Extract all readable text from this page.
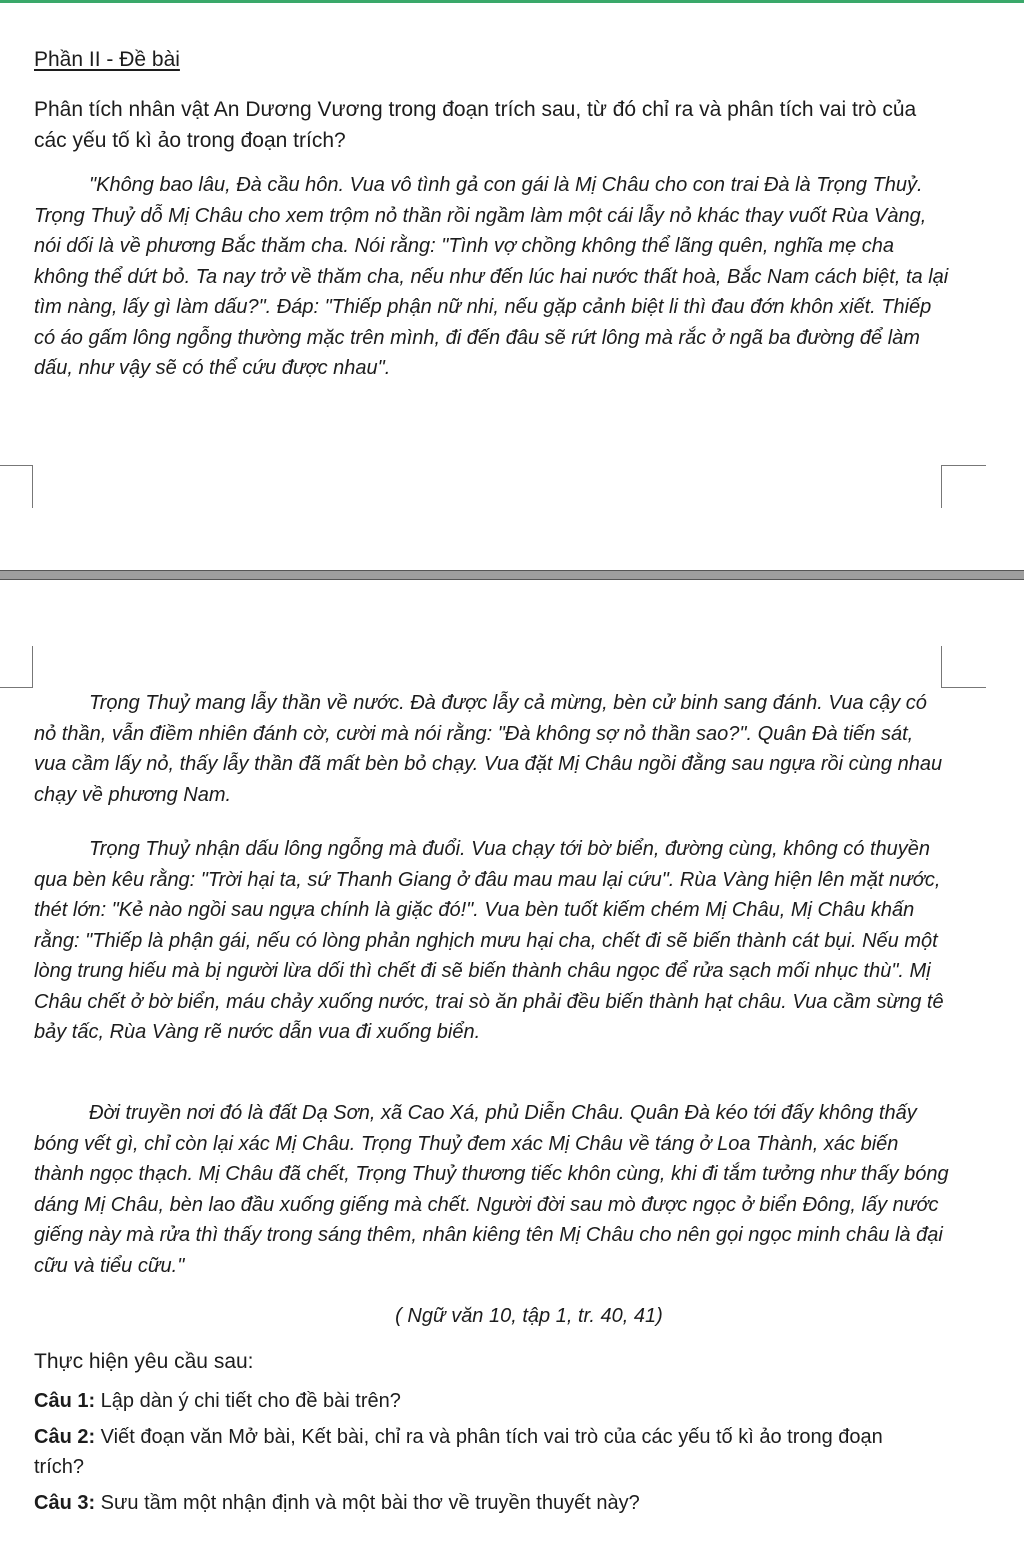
Phần II - Đề bài

Phân tích nhân vật An Dương Vương trong đoạn trích sau, từ đó chỉ ra và phân tích vai trò của các yếu tố kì ảo trong đoạn trích?

"Không bao lâu, Đà cầu hôn. Vua vô tình gả con gái là Mị Châu cho con trai Đà là Trọng Thuỷ. Trọng Thuỷ dỗ Mị Châu cho xem trộm nỏ thần rồi ngầm làm một cái lẫy nỏ khác thay vuốt Rùa Vàng, nói dối là về phương Bắc thăm cha. Nói rằng: "Tình vợ chồng không thể lãng quên, nghĩa mẹ cha không thể dứt bỏ. Ta nay trở về thăm cha, nếu như đến lúc hai nước thất hoà, Bắc Nam cách biệt, ta lại tìm nàng, lấy gì làm dấu?". Đáp: "Thiếp phận nữ nhi, nếu gặp cảnh biệt li thì đau đớn khôn xiết. Thiếp có áo gấm lông ngỗng thường mặc trên mình, đi đến đâu sẽ rứt lông mà rắc ở ngã ba đường để làm dấu, như vậy sẽ có thể cứu được nhau".

Trọng Thuỷ mang lẫy thần về nước. Đà được lẫy cả mừng, bèn cử binh sang đánh. Vua cậy có nỏ thần, vẫn điềm nhiên đánh cờ, cười mà nói rằng: "Đà không sợ nỏ thần sao?". Quân Đà tiến sát, vua cầm lấy nỏ, thấy lẫy thần đã mất bèn bỏ chạy. Vua đặt Mị Châu ngồi đằng sau ngựa rồi cùng nhau chạy về phương Nam.

Trọng Thuỷ nhận dấu lông ngỗng mà đuổi. Vua chạy tới bờ biển, đường cùng, không có thuyền qua bèn kêu rằng: "Trời hại ta, sứ Thanh Giang ở đâu mau mau lại cứu". Rùa Vàng hiện lên mặt nước, thét lớn: "Kẻ nào ngồi sau ngựa chính là giặc đó!". Vua bèn tuốt kiếm chém Mị Châu, Mị Châu khấn rằng: "Thiếp là phận gái, nếu có lòng phản nghịch mưu hại cha, chết đi sẽ biến thành cát bụi. Nếu một lòng trung hiếu mà bị người lừa dối thì chết đi sẽ biến thành châu ngọc để rửa sạch mối nhục thù". Mị Châu chết ở bờ biển, máu chảy xuống nước, trai sò ăn phải đều biến thành hạt châu. Vua cầm sừng tê bảy tấc, Rùa Vàng rẽ nước dẫn vua đi xuống biển.

Đời truyền nơi đó là đất Dạ Sơn, xã Cao Xá, phủ Diễn Châu. Quân Đà kéo tới đấy không thấy bóng vết gì, chỉ còn lại xác Mị Châu. Trọng Thuỷ đem xác Mị Châu về táng ở Loa Thành, xác biến thành ngọc thạch. Mị Châu đã chết, Trọng Thuỷ thương tiếc khôn cùng, khi đi tắm tưởng như thấy bóng dáng Mị Châu, bèn lao đầu xuống giếng mà chết. Người đời sau mò được ngọc ở biển Đông, lấy nước giếng này mà rửa thì thấy trong sáng thêm, nhân kiêng tên Mị Châu cho nên gọi ngọc minh châu là đại cữu và tiểu cữu."

( Ngữ văn 10, tập 1, tr. 40, 41)

Thực hiện yêu cầu sau:

Câu 1: Lập dàn ý chi tiết cho đề bài trên?

Câu 2: Viết đoạn văn Mở bài, Kết bài, chỉ ra và phân tích vai trò của các yếu tố kì ảo trong đoạn trích?

Câu 3: Sưu tầm một nhận định và một bài thơ về truyền thuyết này?
